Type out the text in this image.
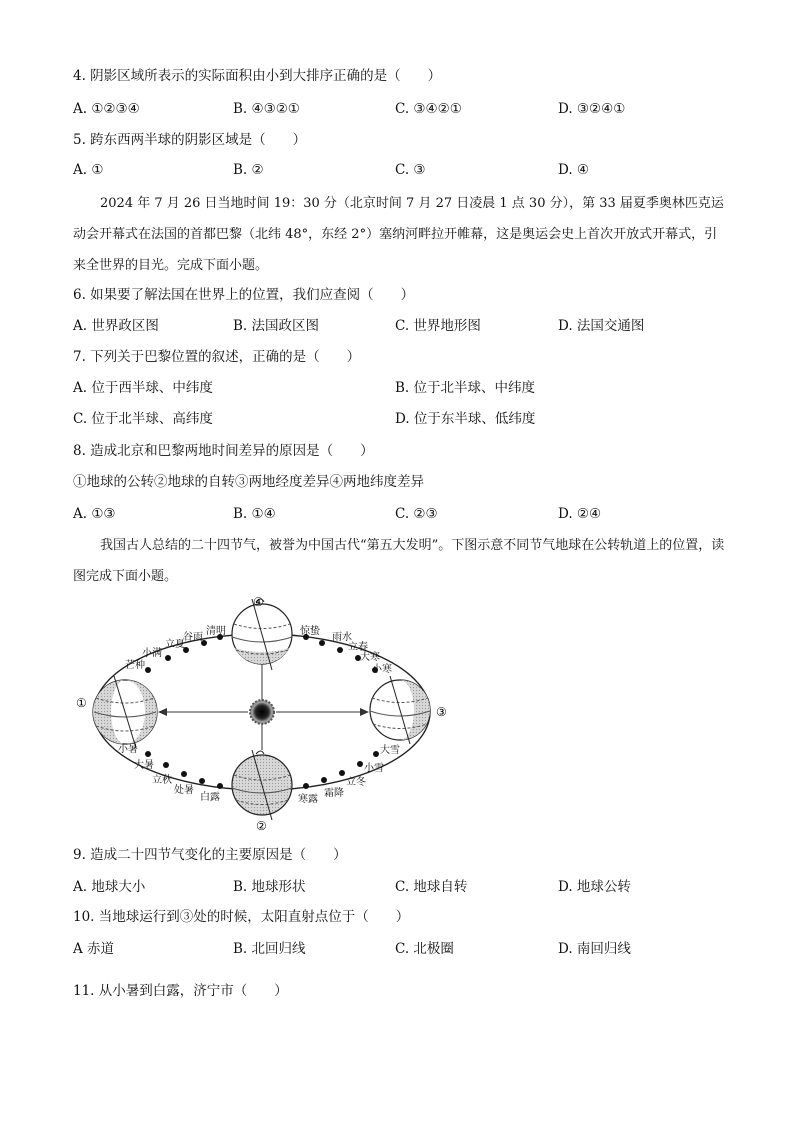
4. 阴影区域所表示的实际面积由小到大排序正确的是（　　）
A. ①②③④	B. ④③②①	C. ③④②①	D. ③②④①
5. 跨东西两半球的阴影区域是（　　）
A. ①	B. ②	C. ③	D. ④
2024 年 7 月 26 日当地时间 19：30 分（北京时间 7 月 27 日凌晨 1 点 30 分），第 33 届夏季奥林匹克运动会开幕式在法国的首都巴黎（北纬 48°，东经 2°）塞纳河畔拉开帷幕，这是奥运会史上首次开放式开幕式，引来全世界的目光。完成下面小题。
6. 如果要了解法国在世界上的位置，我们应查阅（　　）
A. 世界政区图	B. 法国政区图	C. 世界地形图	D. 法国交通图
7. 下列关于巴黎位置的叙述，正确的是（　　）
A. 位于西半球、中纬度	B. 位于北半球、中纬度
C. 位于北半球、高纬度	D. 位于东半球、低纬度
8. 造成北京和巴黎两地时间差异的原因是（　　）
①地球的公转②地球的自转③两地经度差异④两地纬度差异
A. ①③	B. ①④	C. ②③	D. ②④
我国古人总结的二十四节气，被誉为中国古代“第五大发明”。下图示意不同节气地球在公转轨道上的位置，读图完成下面小题。
①
②
③
④
清明
谷雨
立夏
小满
芒种
惊蛰
雨水
立春
大寒
小寒
小暑
大暑
立秋
处暑
白露
大雪
小雪
立冬
霜降
寒露
9. 造成二十四节气变化的主要原因是（　　）
A. 地球大小	B. 地球形状	C. 地球自转	D. 地球公转
10. 当地球运行到③处的时候，太阳直射点位于（　　）
A 赤道	B. 北回归线	C. 北极圈	D. 南回归线
11. 从小暑到白露，济宁市（　　）
